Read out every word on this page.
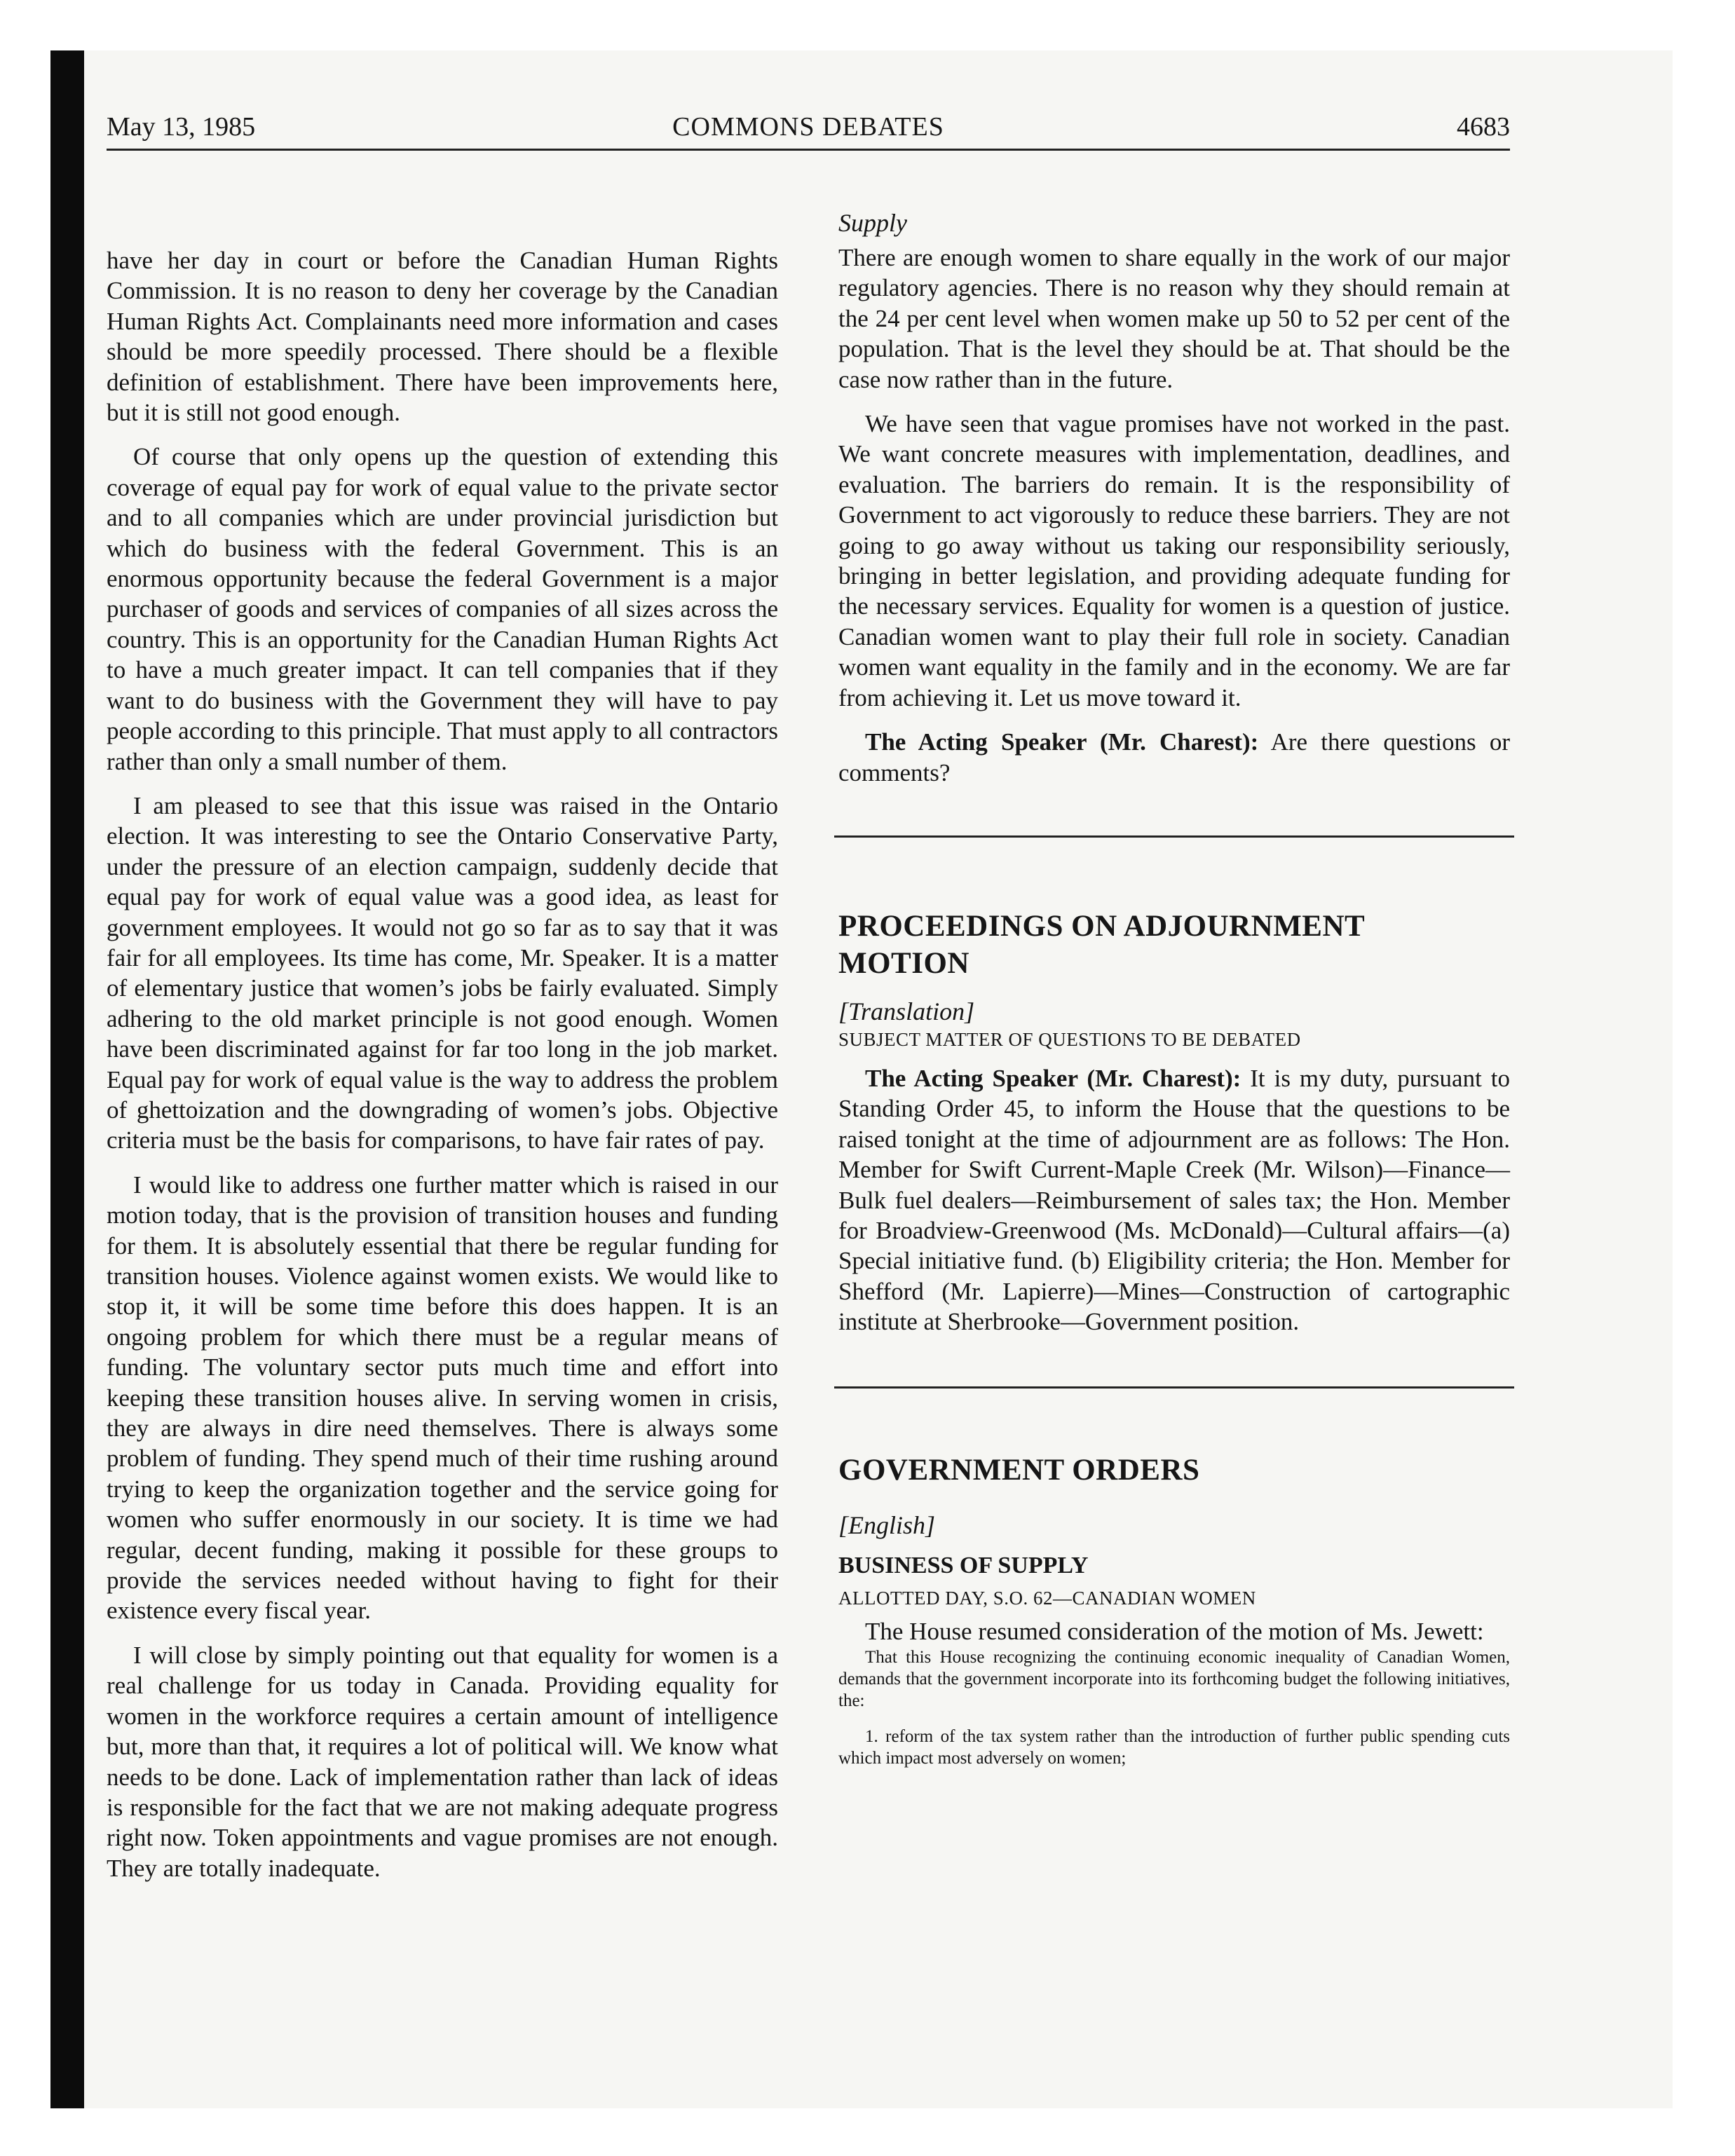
May 13, 1985	COMMONS DEBATES	4683

have her day in court or before the Canadian Human Rights Commission. It is no reason to deny her coverage by the Canadian Human Rights Act. Complainants need more information and cases should be more speedily processed. There should be a flexible definition of establishment. There have been improvements here, but it is still not good enough.

Of course that only opens up the question of extending this coverage of equal pay for work of equal value to the private sector and to all companies which are under provincial jurisdiction but which do business with the federal Government. This is an enormous opportunity because the federal Government is a major purchaser of goods and services of companies of all sizes across the country. This is an opportunity for the Canadian Human Rights Act to have a much greater impact. It can tell companies that if they want to do business with the Government they will have to pay people according to this principle. That must apply to all contractors rather than only a small number of them.

I am pleased to see that this issue was raised in the Ontario election. It was interesting to see the Ontario Conservative Party, under the pressure of an election campaign, suddenly decide that equal pay for work of equal value was a good idea, as least for government employees. It would not go so far as to say that it was fair for all employees. Its time has come, Mr. Speaker. It is a matter of elementary justice that women’s jobs be fairly evaluated. Simply adhering to the old market principle is not good enough. Women have been discriminated against for far too long in the job market. Equal pay for work of equal value is the way to address the problem of ghettoization and the downgrading of women’s jobs. Objective criteria must be the basis for comparisons, to have fair rates of pay.

I would like to address one further matter which is raised in our motion today, that is the provision of transition houses and funding for them. It is absolutely essential that there be regular funding for transition houses. Violence against women exists. We would like to stop it, it will be some time before this does happen. It is an ongoing problem for which there must be a regular means of funding. The voluntary sector puts much time and effort into keeping these transition houses alive. In serving women in crisis, they are always in dire need themselves. There is always some problem of funding. They spend much of their time rushing around trying to keep the organization together and the service going for women who suffer enormously in our society. It is time we had regular, decent funding, making it possible for these groups to provide the services needed without having to fight for their existence every fiscal year.

I will close by simply pointing out that equality for women is a real challenge for us today in Canada. Providing equality for women in the workforce requires a certain amount of intelligence but, more than that, it requires a lot of political will. We know what needs to be done. Lack of implementation rather than lack of ideas is responsible for the fact that we are not making adequate progress right now. Token appointments and vague promises are not enough. They are totally inadequate.

Supply

There are enough women to share equally in the work of our major regulatory agencies. There is no reason why they should remain at the 24 per cent level when women make up 50 to 52 per cent of the population. That is the level they should be at. That should be the case now rather than in the future.

We have seen that vague promises have not worked in the past. We want concrete measures with implementation, deadlines, and evaluation. The barriers do remain. It is the responsibility of Government to act vigorously to reduce these barriers. They are not going to go away without us taking our responsibility seriously, bringing in better legislation, and providing adequate funding for the necessary services. Equality for women is a question of justice. Canadian women want to play their full role in society. Canadian women want equality in the family and in the economy. We are far from achieving it. Let us move toward it.

The Acting Speaker (Mr. Charest): Are there questions or comments?

PROCEEDINGS ON ADJOURNMENT
MOTION

[Translation]

SUBJECT MATTER OF QUESTIONS TO BE DEBATED

The Acting Speaker (Mr. Charest): It is my duty, pursuant to Standing Order 45, to inform the House that the questions to be raised tonight at the time of adjournment are as follows: The Hon. Member for Swift Current-Maple Creek (Mr. Wilson)—Finance—Bulk fuel dealers—Reimbursement of sales tax; the Hon. Member for Broadview-Greenwood (Ms. McDonald)—Cultural affairs—(a) Special initiative fund. (b) Eligibility criteria; the Hon. Member for Shefford (Mr. Lapierre)—Mines—Construction of cartographic institute at Sherbrooke—Government position.

GOVERNMENT ORDERS

[English]

BUSINESS OF SUPPLY

ALLOTTED DAY, S.O. 62—CANADIAN WOMEN

The House resumed consideration of the motion of Ms. Jewett:

That this House recognizing the continuing economic inequality of Canadian Women, demands that the government incorporate into its forthcoming budget the following initiatives, the:

1. reform of the tax system rather than the introduction of further public spending cuts which impact most adversely on women;
